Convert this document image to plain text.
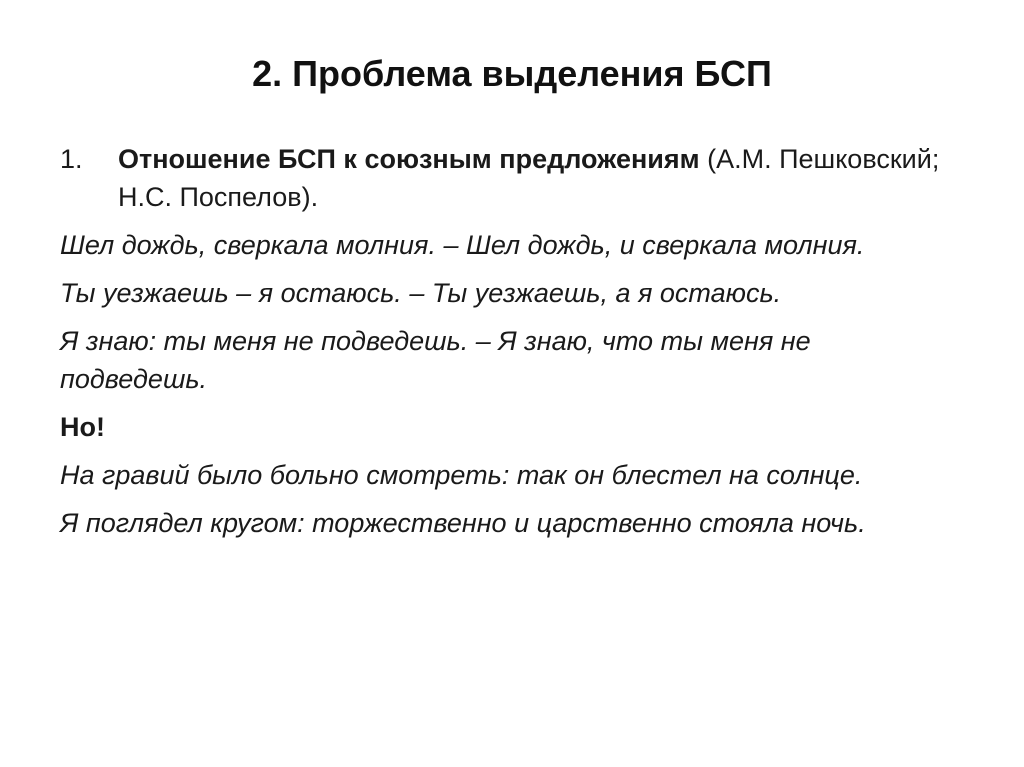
2. Проблема выделения БСП
1. Отношение БСП к союзным предложениям (А.М. Пешковский; Н.С. Поспелов).
Шел дождь, сверкала молния. – Шел дождь, и сверкала молния.
Ты уезжаешь – я остаюсь. – Ты уезжаешь, а я остаюсь.
Я знаю: ты меня не подведешь. – Я знаю, что ты меня не подведешь.
Но!
На гравий было больно смотреть: так он блестел на солнце.
Я поглядел кругом: торжественно и царственно стояла ночь.
